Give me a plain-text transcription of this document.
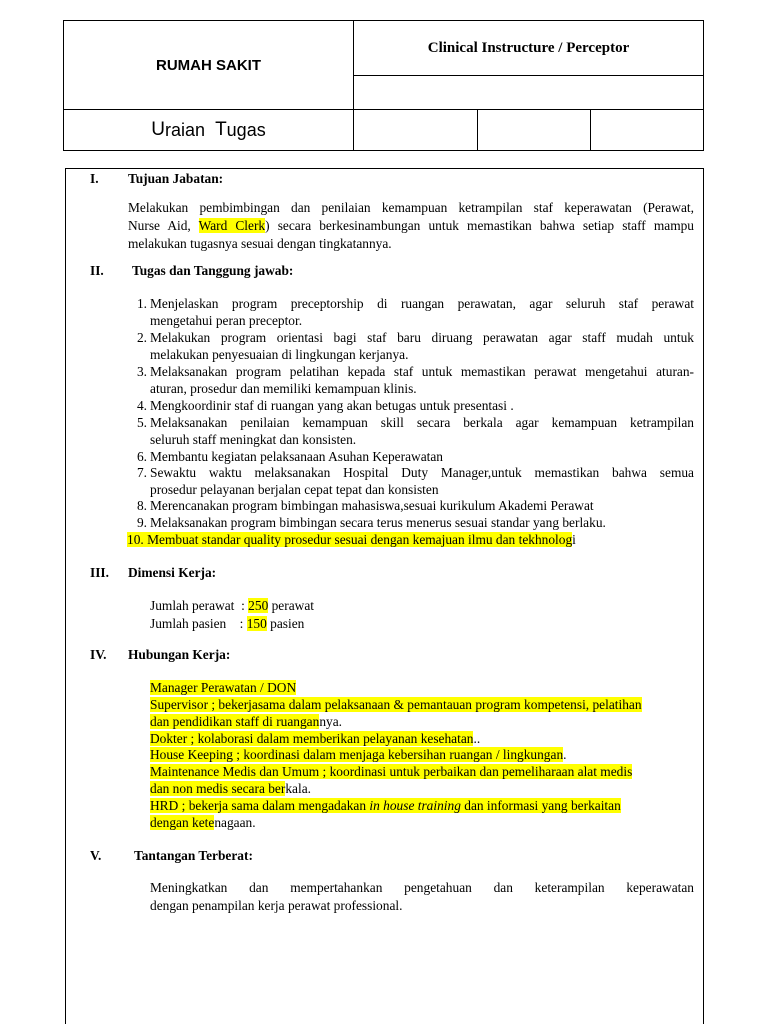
RUMAH SAKIT
Clinical Instructure / Perceptor
U raian
T ugas
I. Tujuan Jabatan:
Melakukan pembimbingan dan penilaian kemampuan ketrampilan staf keperawatan (Perawat,
Nurse Aid, Ward Clerk) secara berkesinambungan untuk memastikan bahwa setiap staff mampu
melakukan tugasnya sesuai dengan tingkatannya.
II. Tugas dan Tanggung jawab:
1. Menjelaskan program preceptorship di ruangan perawatan, agar seluruh staf perawat
mengetahui peran preceptor.
2. Melakukan program orientasi bagi staf baru diruang perawatan agar staff mudah untuk
melakukan penyesuaian di lingkungan kerjanya.
3. Melaksanakan program pelatihan kepada staf untuk memastikan perawat mengetahui aturan-
aturan, prosedur dan memiliki kemampuan klinis.
4. Mengkoordinir staf di ruangan yang akan betugas untuk presentasi .
5. Melaksanakan penilaian kemampuan skill secara berkala agar kemampuan ketrampilan
seluruh staff meningkat dan konsisten.
6. Membantu kegiatan pelaksanaan Asuhan Keperawatan
7. Sewaktu waktu melaksanakan Hospital Duty Manager,untuk memastikan bahwa semua
prosedur pelayanan berjalan cepat tepat dan konsisten
8. Merencanakan program bimbingan mahasiswa,sesuai kurikulum Akademi Perawat
9. Melaksanakan program bimbingan secara terus menerus sesuai standar yang berlaku.
10. Membuat standar quality prosedur sesuai dengan kemajuan ilmu dan tekhnologi
III. Dimensi Kerja:
Jumlah perawat  : 250 perawat
Jumlah pasien    : 150 pasien
IV. Hubungan Kerja:
Manager Perawatan / DON
Supervisor ; bekerjasama dalam pelaksanaan & pemantauan program kompetensi, pelatihan
dan pendidikan staff di ruangannya.
Dokter ; kolaborasi dalam memberikan pelayanan kesehatan..
House Keeping ; koordinasi dalam menjaga kebersihan ruangan / lingkungan.
Maintenance Medis dan Umum ; koordinasi untuk perbaikan dan pemeliharaan alat medis
dan non medis secara berkala.
HRD ; bekerja sama dalam mengadakan in house training dan informasi yang berkaitan
dengan ketenagaan.
V. Tantangan Terberat:
Meningkatkan dan mempertahankan pengetahuan dan keterampilan keperawatan
dengan penampilan kerja perawat professional.
